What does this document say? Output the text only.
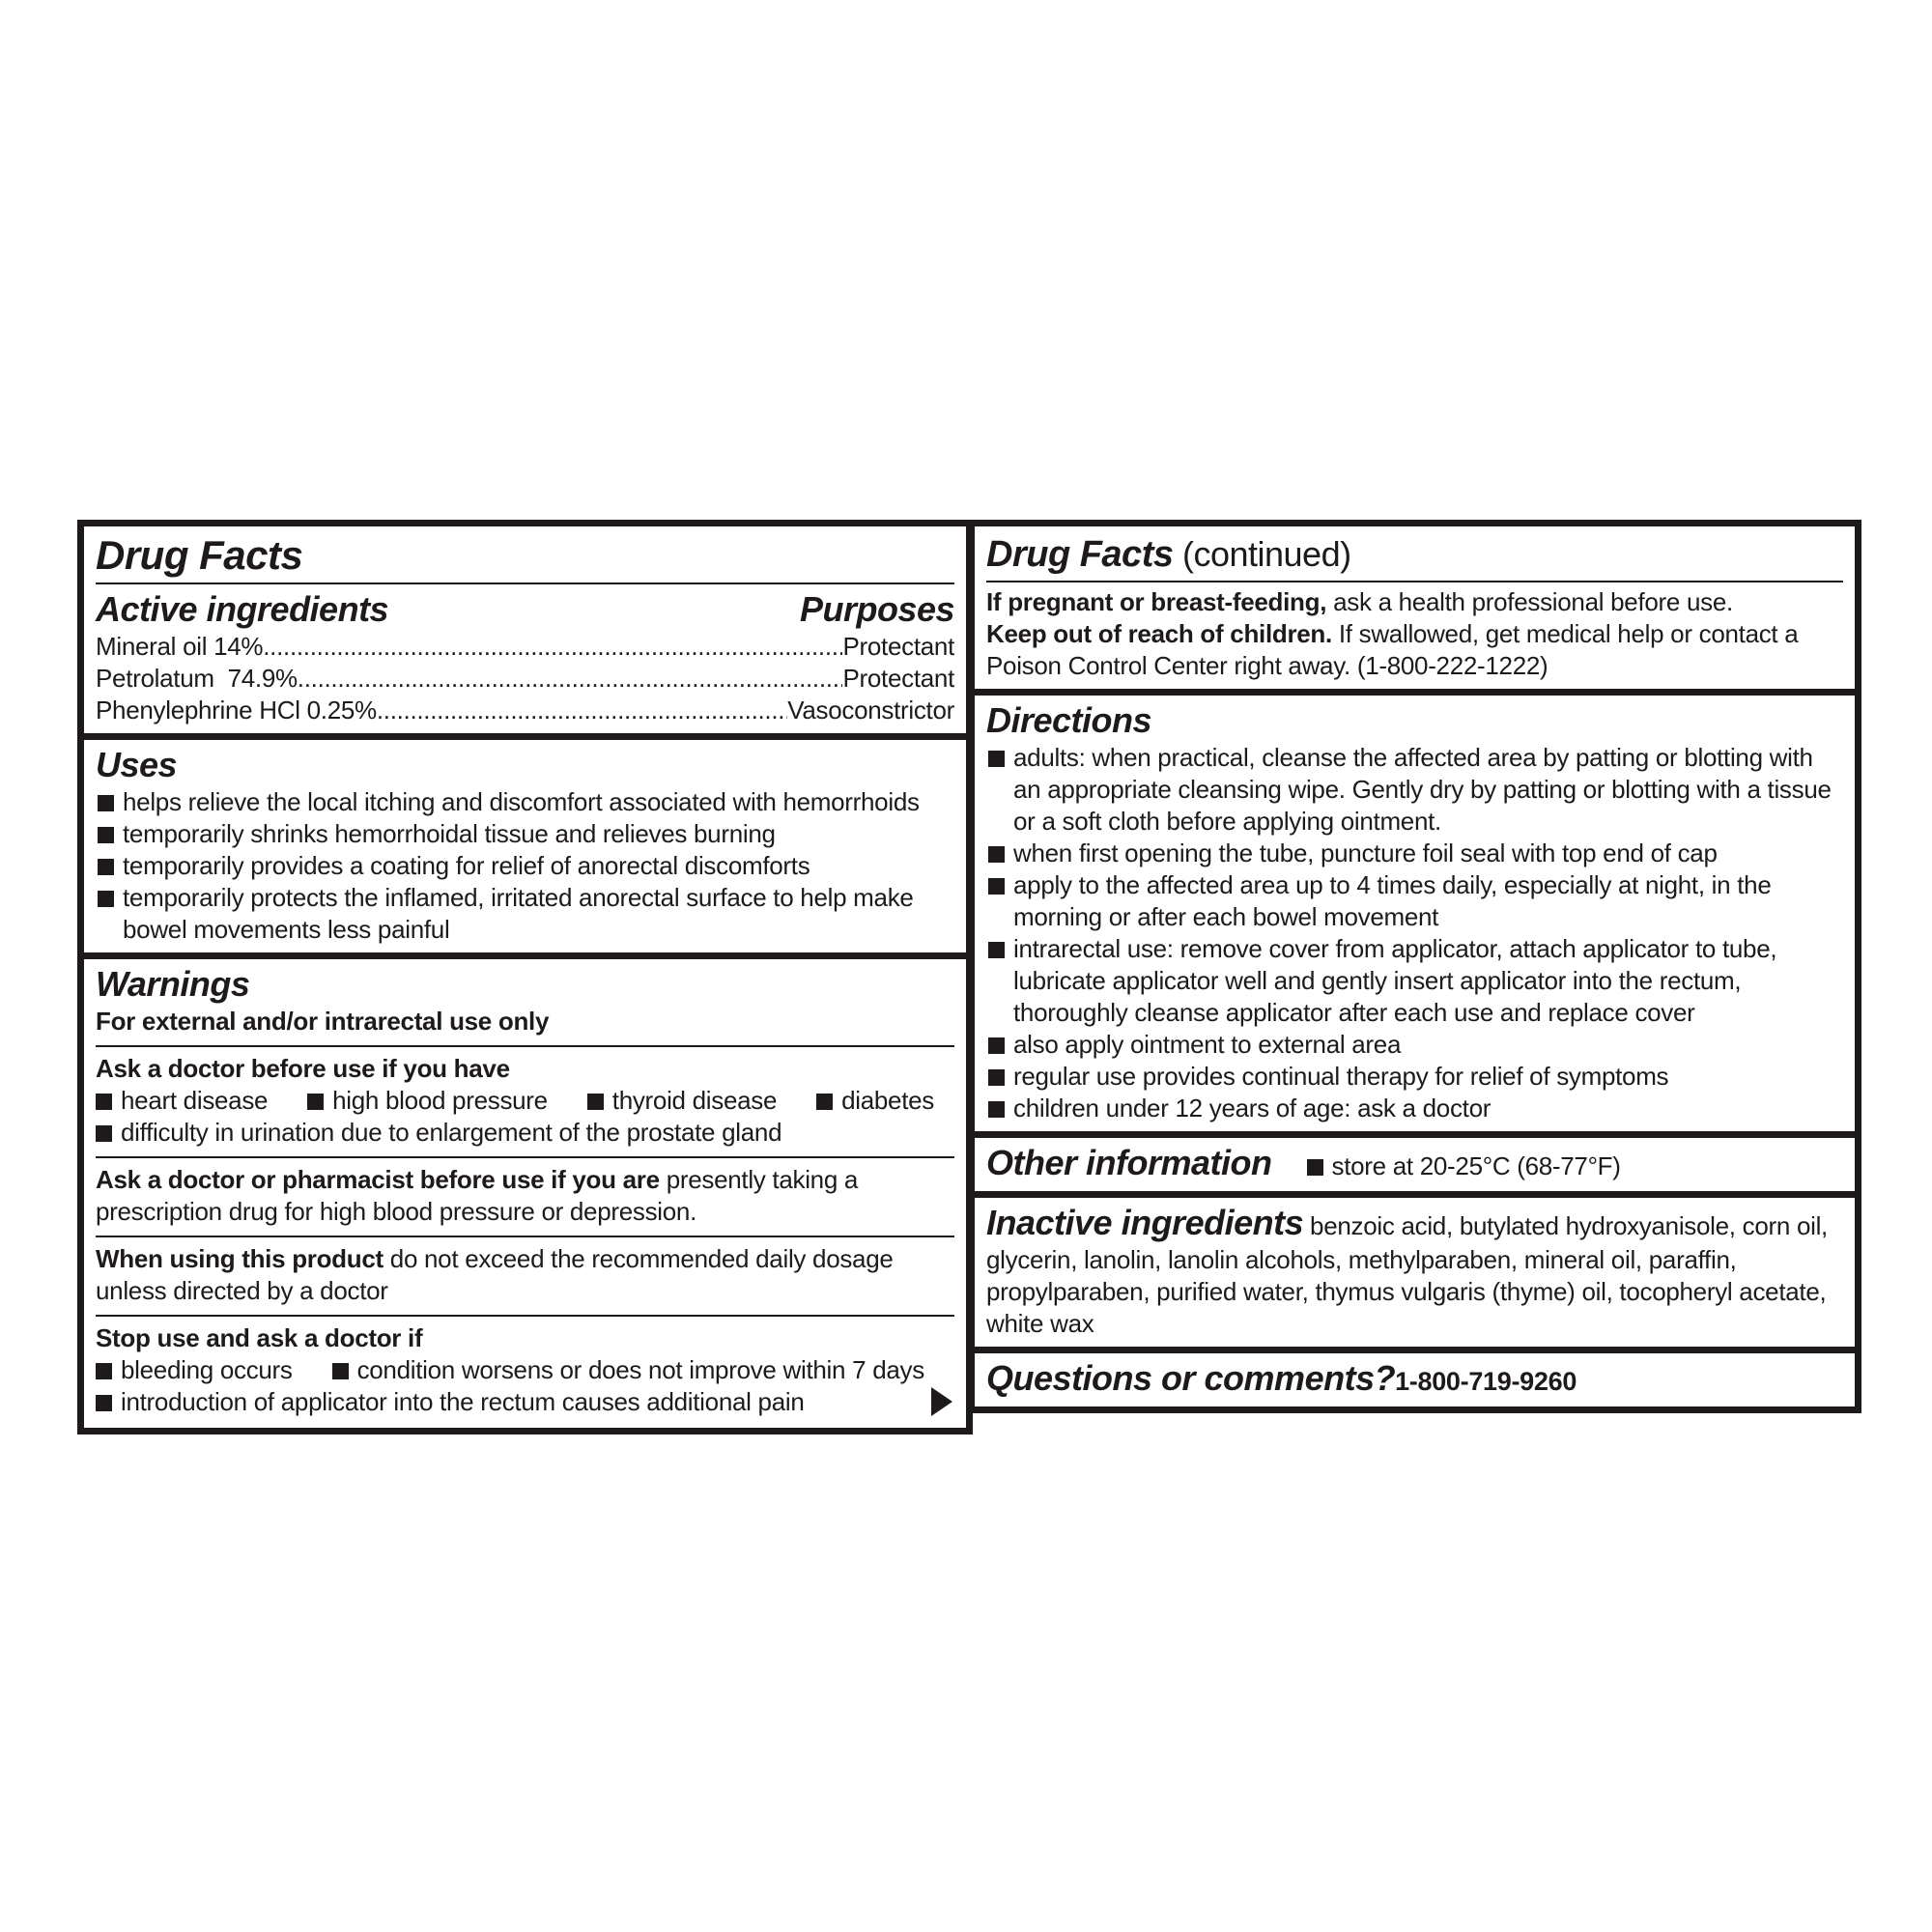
Drug Facts
Active ingredients	Purposes
Mineral oil 14% .....	Protectant
Petrolatum  74.9% .....	Protectant
Phenylephrine HCl 0.25% .....	Vasoconstrictor
Uses
helps relieve the local itching and discomfort associated with hemorrhoids
temporarily shrinks hemorrhoidal tissue and relieves burning
temporarily provides a coating for relief of anorectal discomforts
temporarily protects the inflamed, irritated anorectal surface to help make bowel movements less painful
Warnings
For external and/or intrarectal use only
Ask a doctor before use if you have
heart disease	high blood pressure	thyroid disease	diabetes
difficulty in urination due to enlargement of the prostate gland
Ask a doctor or pharmacist before use if you are presently taking a prescription drug for high blood pressure or depression.
When using this product do not exceed the recommended daily dosage unless directed by a doctor
Stop use and ask a doctor if
bleeding occurs	condition worsens or does not improve within 7 days
introduction of applicator into the rectum causes additional pain
Drug Facts (continued)
If pregnant or breast-feeding, ask a health professional before use.
Keep out of reach of children. If swallowed, get medical help or contact a Poison Control Center right away. (1-800-222-1222)
Directions
adults: when practical, cleanse the affected area by patting or blotting with an appropriate cleansing wipe. Gently dry by patting or blotting with a tissue or a soft cloth before applying ointment.
when first opening the tube, puncture foil seal with top end of cap
apply to the affected area up to 4 times daily, especially at night, in the morning or after each bowel movement
intrarectal use: remove cover from applicator, attach applicator to tube, lubricate applicator well and gently insert applicator into the rectum, thoroughly cleanse applicator after each use and replace cover
also apply ointment to external area
regular use provides continual therapy for relief of symptoms
children under 12 years of age: ask a doctor
Other information	store at 20-25°C (68-77°F)
Inactive ingredients benzoic acid, butylated hydroxyanisole, corn oil, glycerin, lanolin, lanolin alcohols, methylparaben, mineral oil, paraffin, propylparaben, purified water, thymus vulgaris (thyme) oil, tocopheryl acetate, white wax
Questions or comments? 1-800-719-9260
